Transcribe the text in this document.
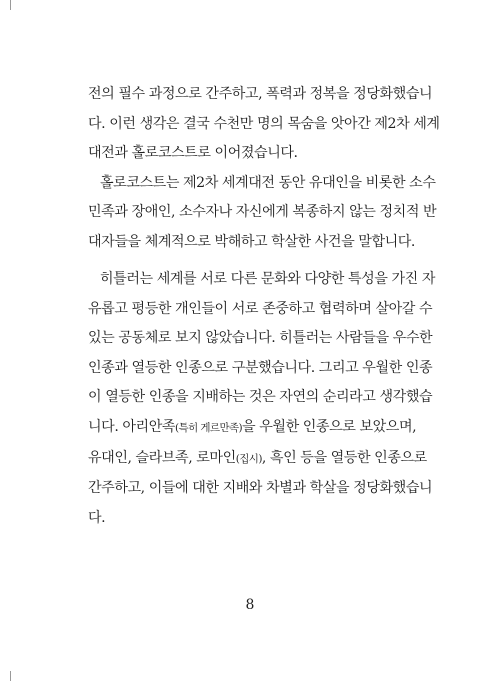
전의 필수 과정으로 간주하고, 폭력과 정복을 정당화했습니
다. 이런 생각은 결국 수천만 명의 목숨을 앗아간 제2차 세계
대전과 홀로코스트로 이어졌습니다.
홀로코스트는 제2차 세계대전 동안 유대인을 비롯한 소수
민족과 장애인, 소수자나 자신에게 복종하지 않는 정치적 반
대자들을 체계적으로 박해하고 학살한 사건을 말합니다.
히틀러는 세계를 서로 다른 문화와 다양한 특성을 가진 자
유롭고 평등한 개인들이 서로 존중하고 협력하며 살아갈 수
있는 공동체로 보지 않았습니다. 히틀러는 사람들을 우수한
인종과 열등한 인종으로 구분했습니다. 그리고 우월한 인종
이 열등한 인종을 지배하는 것은 자연의 순리라고 생각했습
니다. 아리안족(특히 게르만족)을 우월한 인종으로 보았으며,
유대인, 슬라브족, 로마인(집시), 흑인 등을 열등한 인종으로
간주하고, 이들에 대한 지배와 차별과 학살을 정당화했습니
다.
8
